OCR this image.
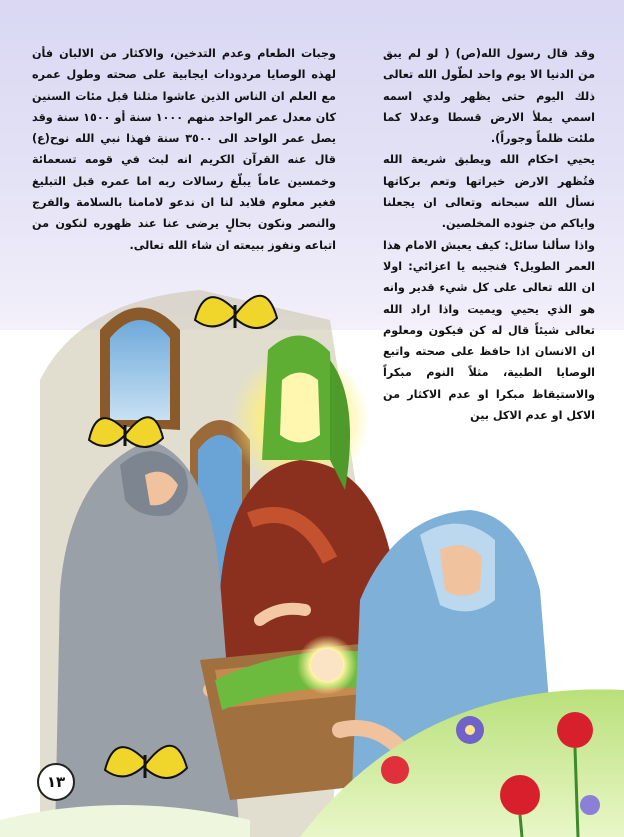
وقد قال رسول الله(ص) ( لو لم يبق من الدنيا الا يوم واحد لطّول الله تعالى ذلك اليوم حتى يظهر ولدي اسمه اسمي يملأ الارض قسطا وعدلا كما ملئت ظلماً وجوراً).

يحيي احكام الله ويطبق شريعة الله فتُظهر الارض خيراتها وتعم بركاتها نسأل الله سبحانه وتعالى ان يجعلنا واياكم من جنوده المخلصين.

واذا سألنا سائل: كيف يعيش الامام هذا العمر الطويل؟ فنجيبه يا اعزائي: اولا ان الله تعالى على كل شيء قدير وانه هو الذي يحيي ويميت واذا اراد الله تعالى شيئاً قال له كن فيكون ومعلوم ان الانسان اذا حافظ على صحته واتبع الوصايا الطبية، مثلاً النوم مبكراً والاستيقاظ مبكرا او عدم الاكثار من الاكل او عدم الاكل بين

وجبات الطعام وعدم التدخين، والاكثار من الالبان فأن لهذه الوصايا مردودات ايجابية على صحته وطول عمره مع العلم ان الناس الذين عاشوا مثلنا قبل مئات السنين كان معدل عمر الواحد منهم ١٠٠٠ سنة أو ١٥٠٠ سنة وقد يصل عمر الواحد الى ٣٥٠٠ سنة فهذا نبي الله نوح(ع) قال عنه القرآن الكريم انه لبث في قومه تسعمائة وخمسين عاماً يبلّغ رسالات ربه اما عمره قبل التبليغ فغير معلوم فلابد لنا ان ندعو لامامنا بالسلامة والفرج والنصر ونكون بحالٍ يرضى عنا عند ظهوره لنكون من اتباعه ونفوز ببيعته ان شاء الله تعالى.

١٣
